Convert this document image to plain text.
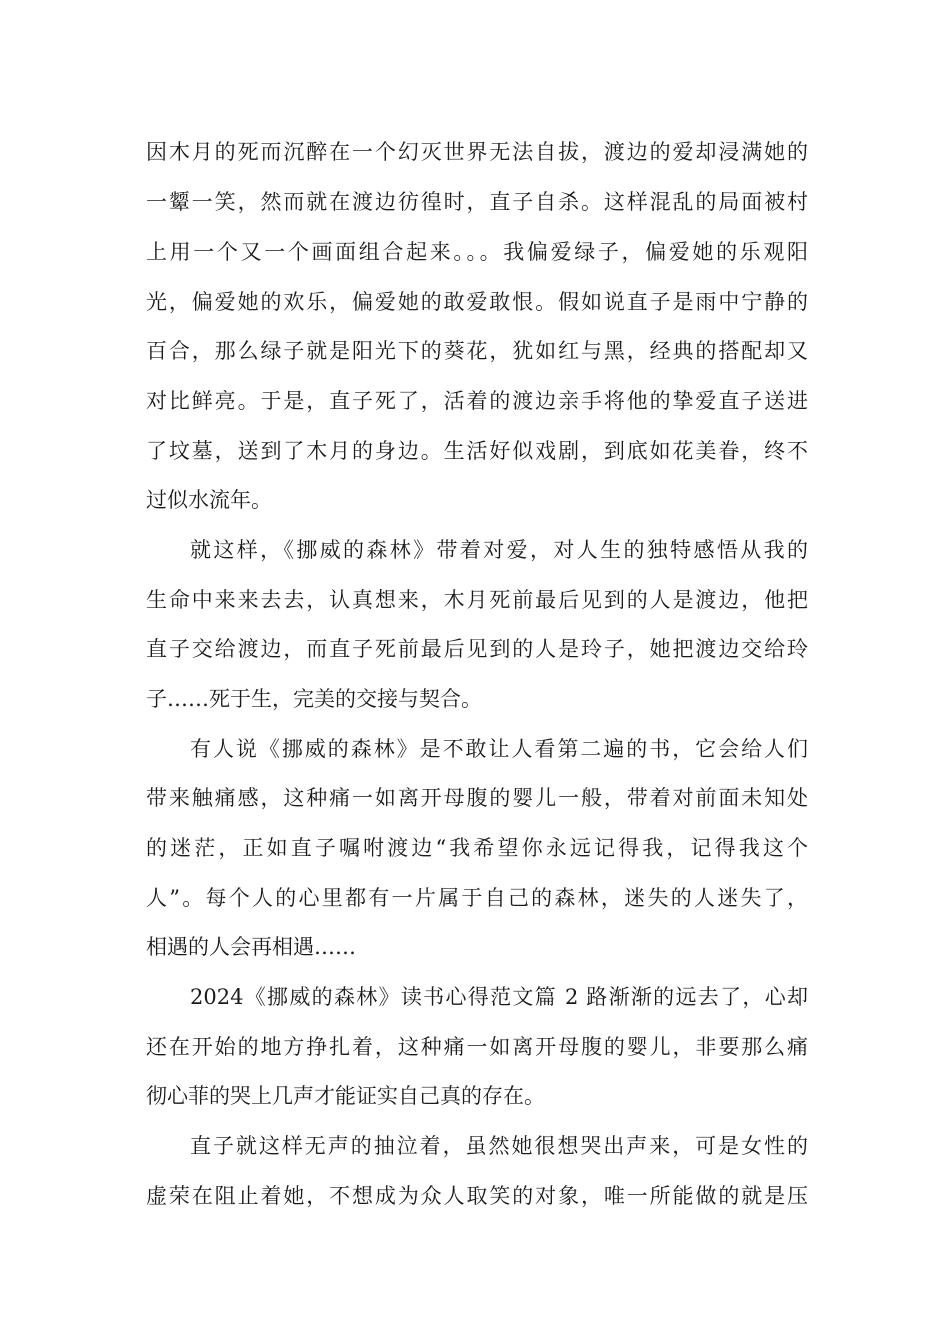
因木月的死而沉醉在一个幻灭世界无法自拔，渡边的爱却浸满她的
一颦一笑，然而就在渡边彷徨时，直子自杀。这样混乱的局面被村
上用一个又一个画面组合起来。。。我偏爱绿子，偏爱她的乐观阳
光，偏爱她的欢乐，偏爱她的敢爱敢恨。假如说直子是雨中宁静的
百合，那么绿子就是阳光下的葵花，犹如红与黑，经典的搭配却又
对比鲜亮。于是，直子死了，活着的渡边亲手将他的挚爱直子送进
了坟墓，送到了木月的身边。生活好似戏剧，到底如花美眷，终不
过似水流年。
就这样，《挪威的森林》带着对爱，对人生的独特感悟从我的
生命中来来去去，认真想来，木月死前最后见到的人是渡边，他把
直子交给渡边，而直子死前最后见到的人是玲子，她把渡边交给玲
子……死于生，完美的交接与契合。
有人说《挪威的森林》是不敢让人看第二遍的书，它会给人们
带来触痛感，这种痛一如离开母腹的婴儿一般，带着对前面未知处
的迷茫，正如直子嘱咐渡边“我希望你永远记得我，记得我这个
人”。每个人的心里都有一片属于自己的森林，迷失的人迷失了，
相遇的人会再相遇……
2024《挪威的森林》读书心得范文篇 2 路渐渐的远去了，心却
还在开始的地方挣扎着，这种痛一如离开母腹的婴儿，非要那么痛
彻心菲的哭上几声才能证实自己真的存在。
直子就这样无声的抽泣着，虽然她很想哭出声来，可是女性的
虚荣在阻止着她，不想成为众人取笑的对象，唯一所能做的就是压
